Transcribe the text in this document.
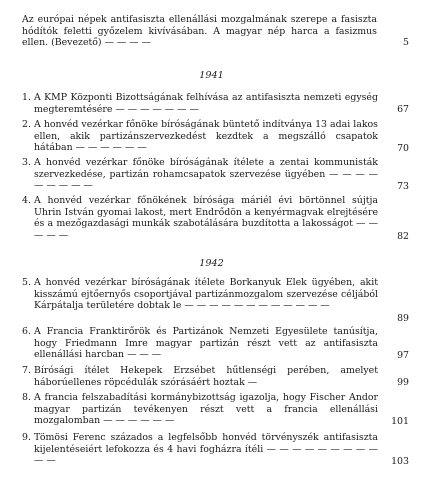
Az európai népek antifasiszta ellenállási mozgalmának szerepe a fasiszta hódítók feletti győzelem kivívásában. A magyar nép harca a fasizmus ellen. (Bevezető) — — — —	5
1941
1. A KMP Központi Bizottságának felhívása az antifasiszta nemzeti egység megteremtésére — — — — — — —	67
2. A honvéd vezérkar főnöke bíróságának büntető indítványa 13 adai lakos ellen, akik partizánszervezkedést kezdtek a megszálló csapatok hátában — — — — — —	70
3. A honvéd vezérkar főnöke bíróságának ítélete a zentai kommunisták szervezkedése, partizán rohamcsapatok szervezése ügyében — — — — — — — — —	73
4. A honvéd vezérkar főnökének bírósága máriél évi börtönnel sújtja Uhrin István gyomai lakost, mert Endrődön a kenyérmagvak elrejtésére és a mezőgazdasági munkák szabotálására buzdította a lakosságot — — — — —	82
1942
5. A honvéd vezérkar bíróságának ítélete Borkanyuk Elek ügyében, akit kisszámú ejtőernyős csoportjával partizánmozgalom szervezése céljából Kárpátalja területére dobtak le — — — — — — — — — — — —
89
6. A Francia Franktirőrök és Partizánok Nemzeti Egyesülete tanúsítja, hogy Friedmann Imre magyar partizán részt vett az antifasiszta ellenállási harcban — — —	97
7. Bírósági ítélet Hekepek Erzsébet hűtlenségi perében, amelyet háborúellenes röpcédulák szórásáért hoztak —	99
8. A francia felszabadítási kormánybizottság igazolja, hogy Fischer Andor magyar partizán tevékenyen részt vett a francia ellenállási mozgalomban — — — — — —	101
9. Tömösi Ferenc százados a legfelsőbb honvéd törvényszék antifasiszta kijelentéseiért lefokozza és 4 havi fogházra ítéli — — — — — — — — — — —	103
